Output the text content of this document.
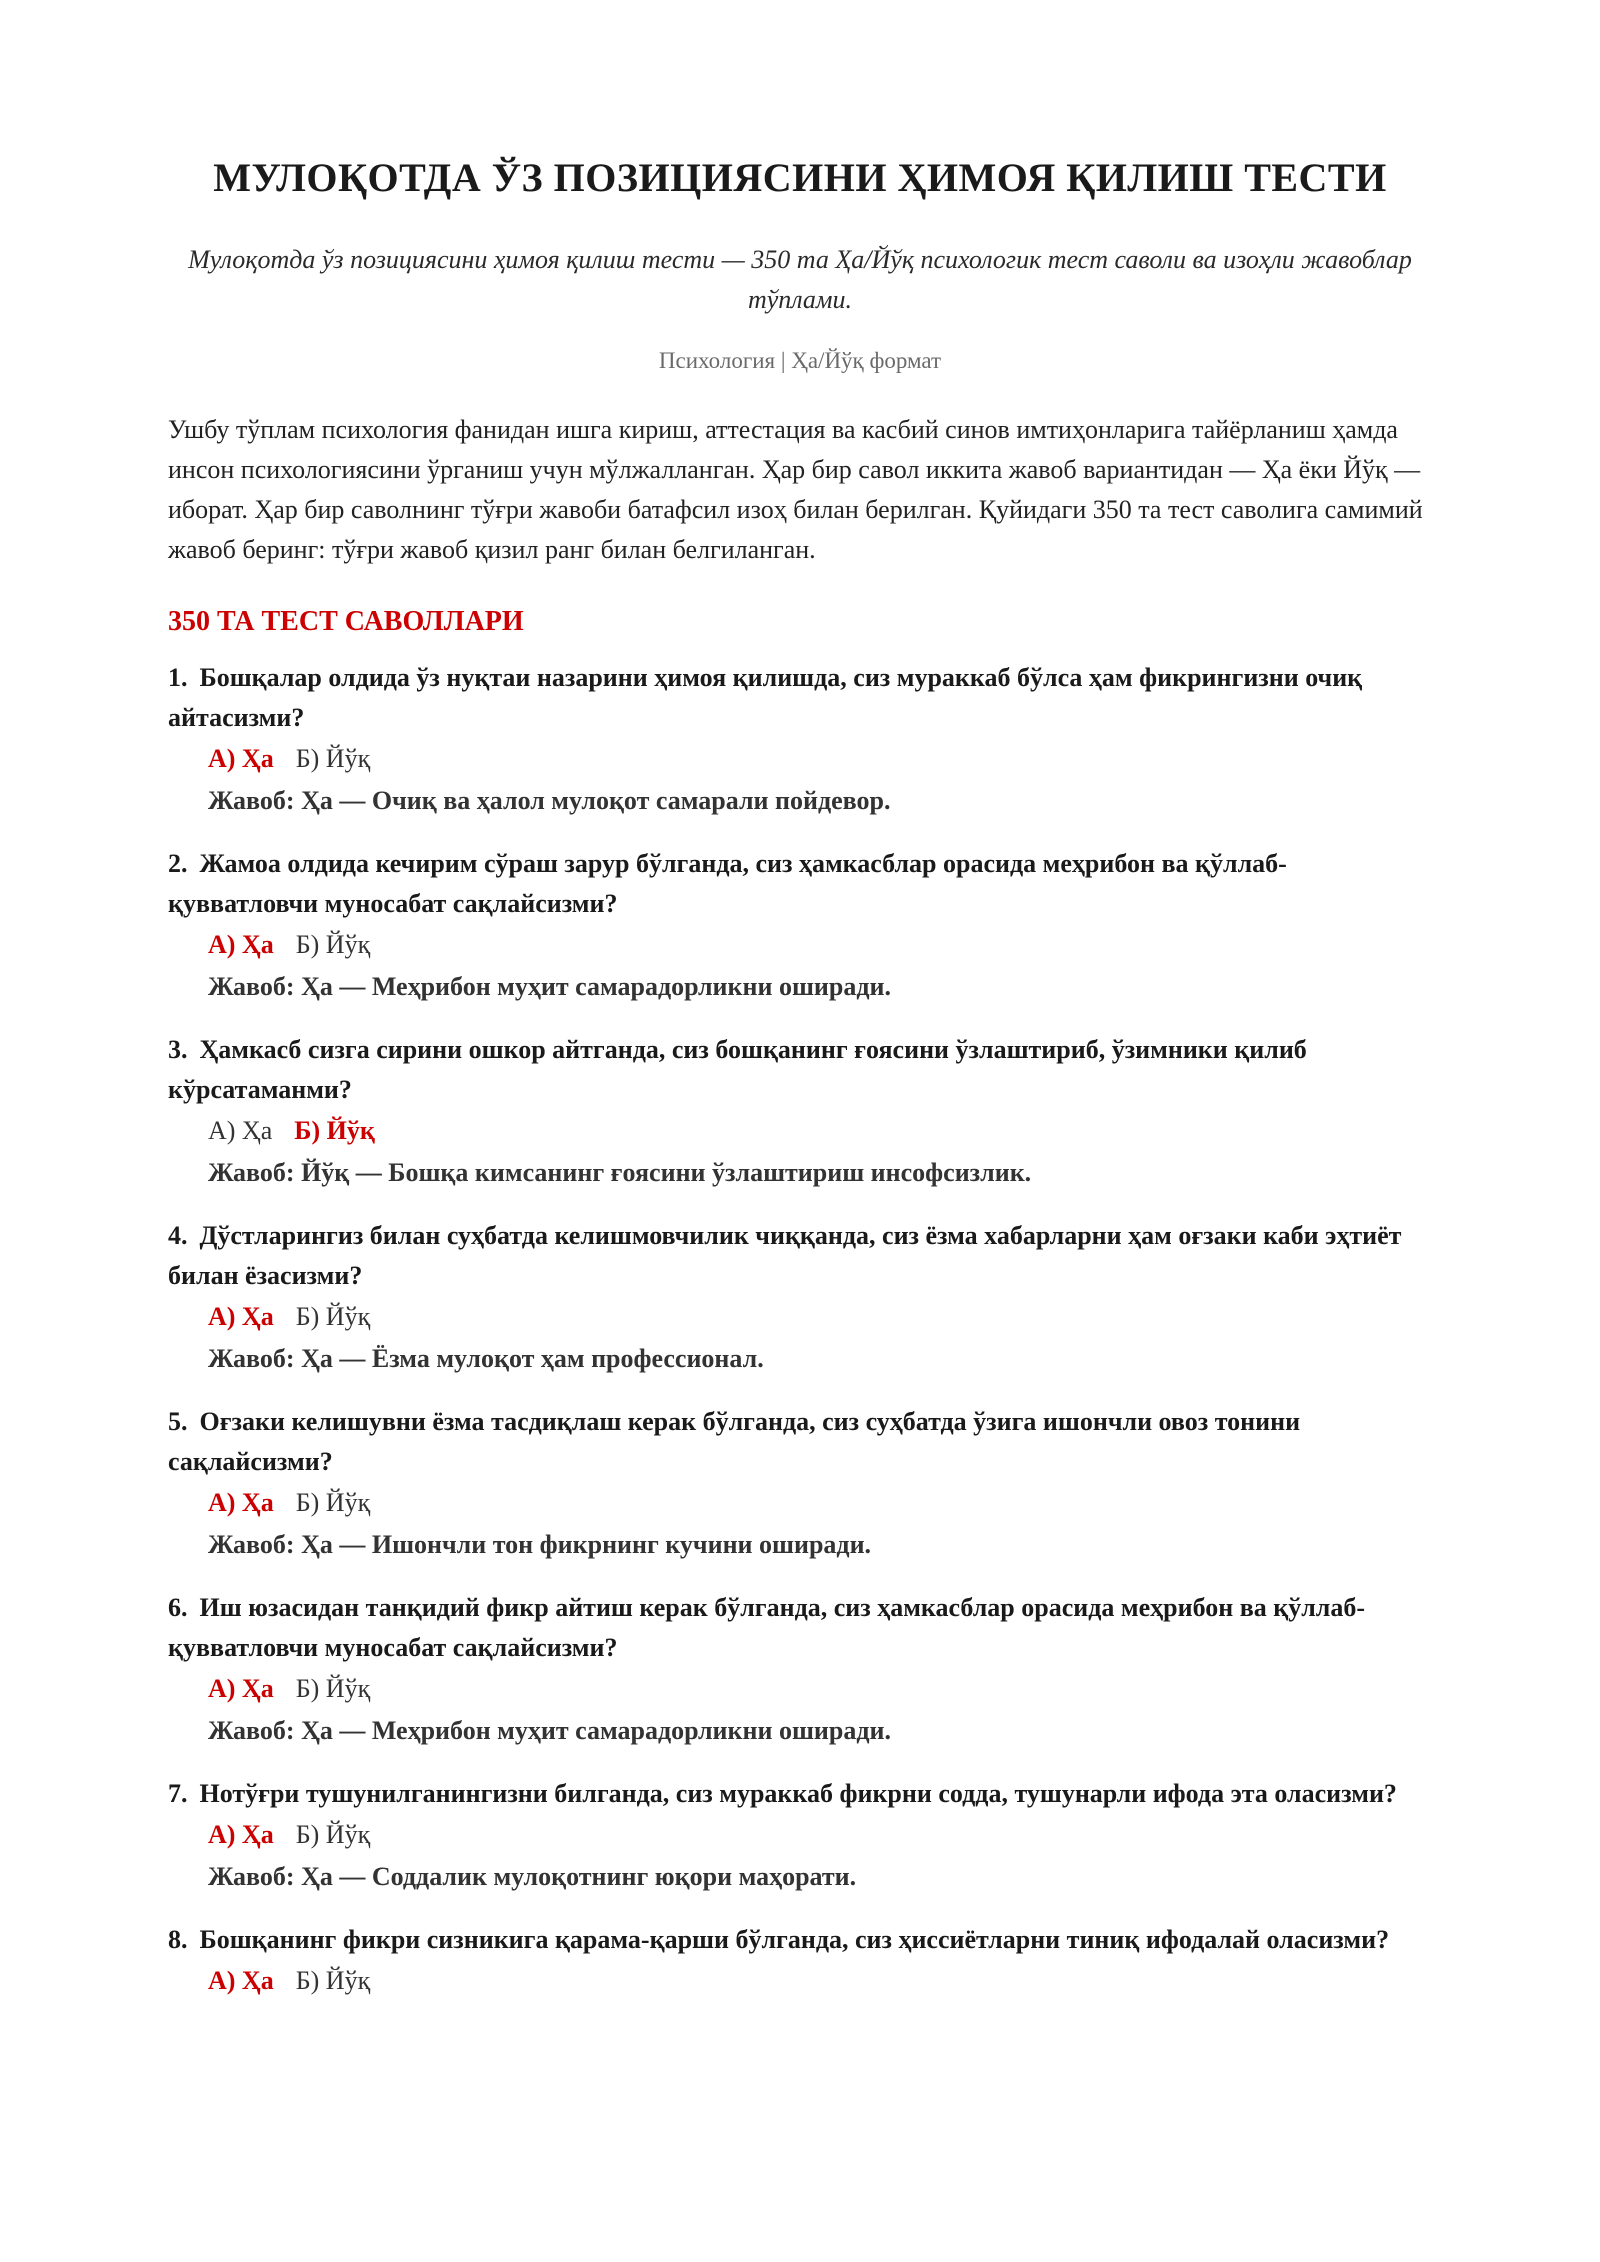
МУЛОҚОТДА ЎЗ ПОЗИЦИЯСИНИ ҲИМОЯ ҚИЛИШ ТЕСТИ
Мулоқотда ўз позициясини ҳимоя қилиш тести — 350 та Ҳа/Йўқ психологик тест саволи ва изоҳли жавоблар тўплами.
Психология | Ҳа/Йўқ формат
Ушбу тўплам психология фанидан ишга кириш, аттестация ва касбий синов имтиҳонларига тайёрланиш ҳамда инсон психологиясини ўрганиш учун мўлжалланган. Ҳар бир савол иккита жавоб вариантидан — Ҳа ёки Йўқ — иборат. Ҳар бир саволнинг тўғри жавоби батафсил изоҳ билан берилган. Қуйидаги 350 та тест саволига самимий жавоб беринг: тўғри жавоб қизил ранг билан белгиланган.
350 ТА ТЕСТ САВОЛЛАРИ
1. Бошқалар олдида ўз нуқтаи назарини ҳимоя қилишда, сиз мураккаб бўлса ҳам фикрингизни очиқ айтасизми?
А) Ҳа Б) Йўқ
Жавоб: Ҳа — Очиқ ва ҳалол мулоқот самарали пойдевор.
2. Жамоа олдида кечирим сўраш зарур бўлганда, сиз ҳамкасблар орасида меҳрибон ва қўллаб-қувватловчи муносабат сақлайсизми?
А) Ҳа Б) Йўқ
Жавоб: Ҳа — Меҳрибон муҳит самарадорликни оширади.
3. Ҳамкасб сизга сирини ошкор айтганда, сиз бошқанинг ғоясини ўзлаштириб, ўзимники қилиб кўрсатаманми?
А) Ҳа Б) Йўқ
Жавоб: Йўқ — Бошқа кимсанинг ғоясини ўзлаштириш инсофсизлик.
4. Дўстларингиз билан суҳбатда келишмовчилик чиққанда, сиз ёзма хабарларни ҳам оғзаки каби эҳтиёт билан ёзасизми?
А) Ҳа Б) Йўқ
Жавоб: Ҳа — Ёзма мулоқот ҳам профессионал.
5. Оғзаки келишувни ёзма тасдиқлаш керак бўлганда, сиз суҳбатда ўзига ишончли овоз тонини сақлайсизми?
А) Ҳа Б) Йўқ
Жавоб: Ҳа — Ишончли тон фикрнинг кучини оширади.
6. Иш юзасидан танқидий фикр айтиш керак бўлганда, сиз ҳамкасблар орасида меҳрибон ва қўллаб-қувватловчи муносабат сақлайсизми?
А) Ҳа Б) Йўқ
Жавоб: Ҳа — Меҳрибон муҳит самарадорликни оширади.
7. Нотўғри тушунилганингизни билганда, сиз мураккаб фикрни содда, тушунарли ифода эта оласизми?
А) Ҳа Б) Йўқ
Жавоб: Ҳа — Соддалик мулоқотнинг юқори маҳорати.
8. Бошқанинг фикри сизникига қарама-қарши бўлганда, сиз ҳиссиётларни тиниқ ифодалай оласизми?
А) Ҳа Б) Йўқ
